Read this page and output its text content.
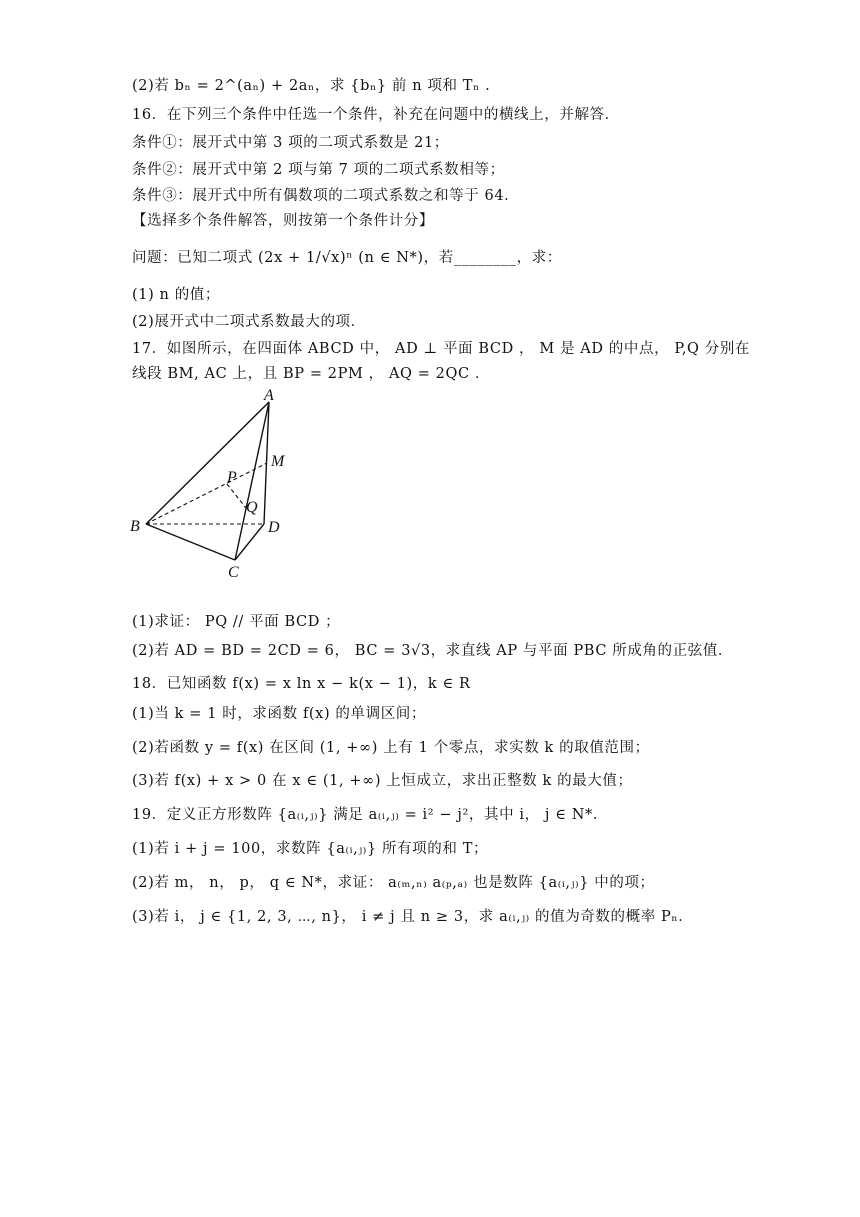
(2)若 bₙ = 2^(aₙ) + 2aₙ，求 {bₙ} 前 n 项和 Tₙ .
16．在下列三个条件中任选一个条件，补充在问题中的横线上，并解答．
条件①：展开式中第 3 项的二项式系数是 21；
条件②：展开式中第 2 项与第 7 项的二项式系数相等；
条件③：展开式中所有偶数项的二项式系数之和等于 64．
【选择多个条件解答，则按第一个条件计分】
问题：已知二项式 (2x + 1/√x)ⁿ (n ∈ N*)，若________，求：
(1) n 的值；
(2)展开式中二项式系数最大的项．
17．如图所示，在四面体 ABCD 中， AD ⊥ 平面 BCD ， M 是 AD 的中点， P,Q 分别在
线段 BM, AC 上，且 BP = 2PM ， AQ = 2QC ．
A
B
C
D
M
P
Q
(1)求证： PQ // 平面 BCD ；
(2)若 AD = BD = 2CD = 6， BC = 3√3，求直线 AP 与平面 PBC 所成角的正弦值．
18．已知函数 f(x) = x ln x − k(x − 1)，k ∈ R
(1)当 k = 1 时，求函数 f(x) 的单调区间；
(2)若函数 y = f(x) 在区间 (1, +∞) 上有 1 个零点，求实数 k 的取值范围；
(3)若 f(x) + x > 0 在 x ∈ (1, +∞) 上恒成立，求出正整数 k 的最大值；
19．定义正方形数阵 {a₍ᵢ,ⱼ₎} 满足 a₍ᵢ,ⱼ₎ = i² − j²，其中 i， j ∈ N*．
(1)若 i + j = 100，求数阵 {a₍ᵢ,ⱼ₎} 所有项的和 T；
(2)若 m， n， p， q ∈ N*，求证： a₍ₘ,ₙ₎ a₍ₚ,ₐ₎ 也是数阵 {a₍ᵢ,ⱼ₎} 中的项；
(3)若 i， j ∈ {1, 2, 3, ⋯, n}， i ≠ j 且 n ≥ 3，求 a₍ᵢ,ⱼ₎ 的值为奇数的概率 Pₙ．
